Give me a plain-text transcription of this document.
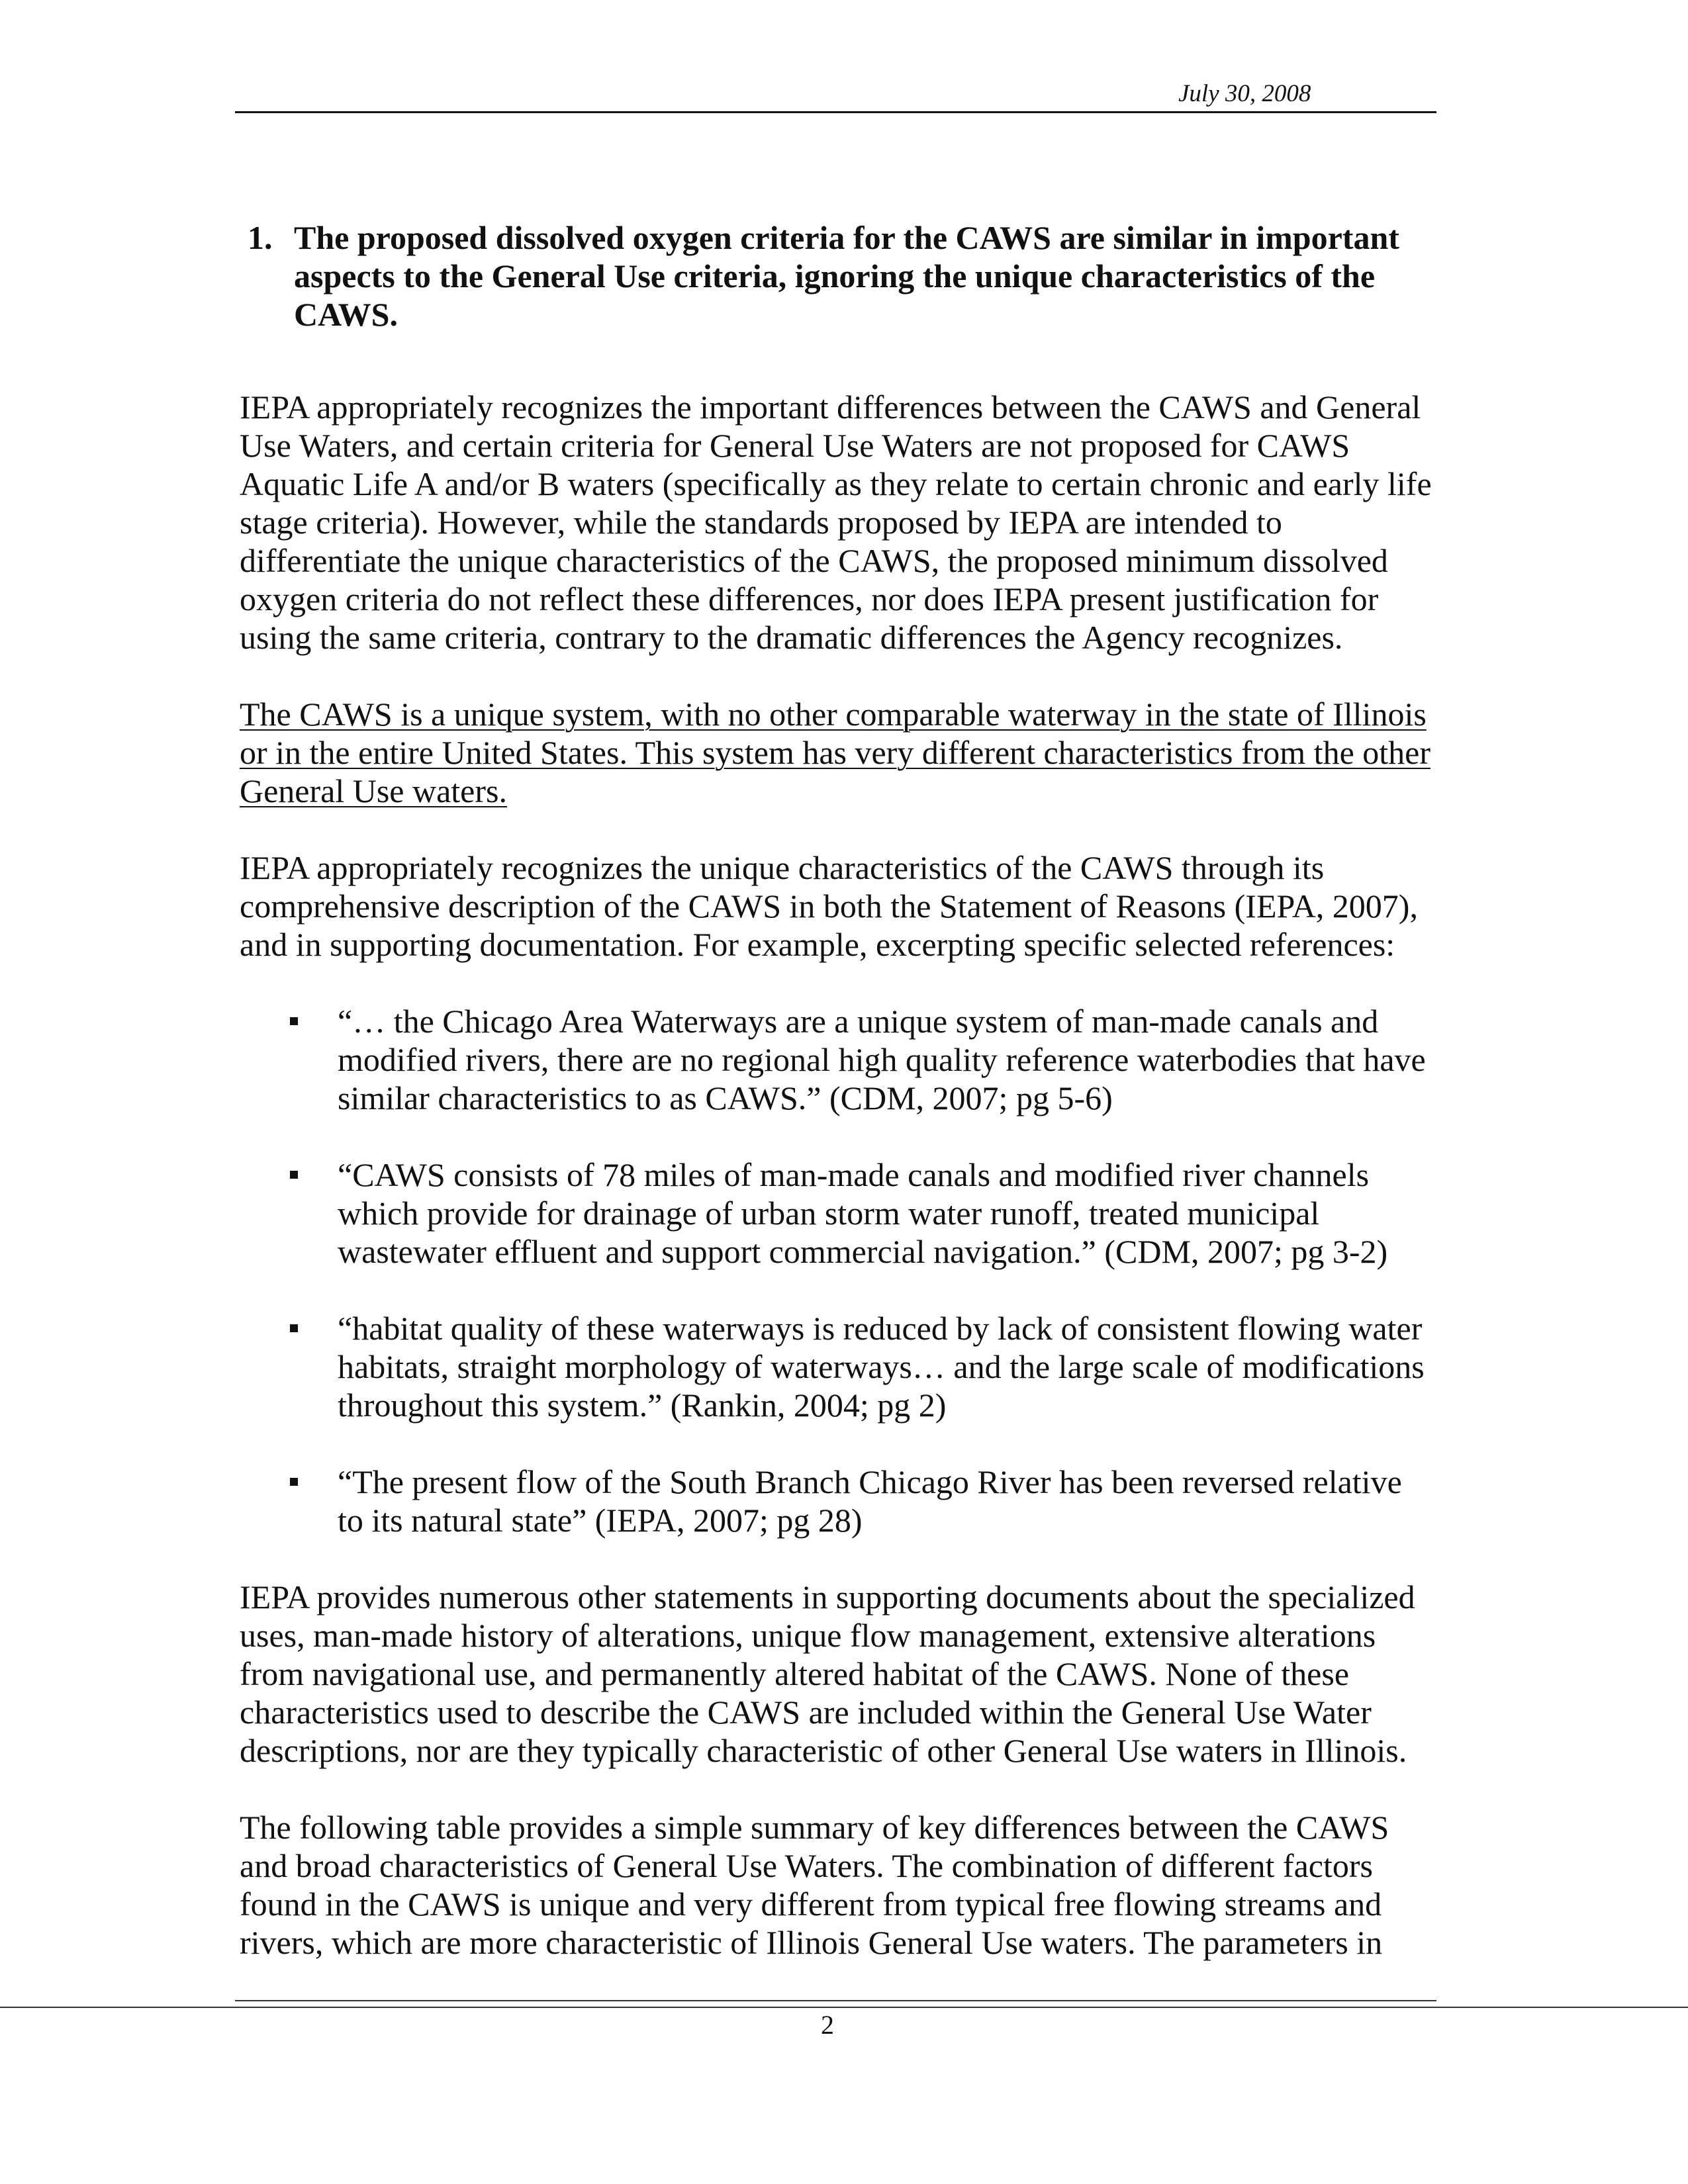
July 30, 2008
1. The proposed dissolved oxygen criteria for the CAWS are similar in important aspects to the General Use criteria, ignoring the unique characteristics of the CAWS.

IEPA appropriately recognizes the important differences between the CAWS and General Use Waters, and certain criteria for General Use Waters are not proposed for CAWS Aquatic Life A and/or B waters (specifically as they relate to certain chronic and early life stage criteria). However, while the standards proposed by IEPA are intended to differentiate the unique characteristics of the CAWS, the proposed minimum dissolved oxygen criteria do not reflect these differences, nor does IEPA present justification for using the same criteria, contrary to the dramatic differences the Agency recognizes.

The CAWS is a unique system, with no other comparable waterway in the state of Illinois or in the entire United States. This system has very different characteristics from the other General Use waters.

IEPA appropriately recognizes the unique characteristics of the CAWS through its comprehensive description of the CAWS in both the Statement of Reasons (IEPA, 2007), and in supporting documentation. For example, excerpting specific selected references:

“… the Chicago Area Waterways are a unique system of man-made canals and modified rivers, there are no regional high quality reference waterbodies that have similar characteristics to as CAWS.” (CDM, 2007; pg 5-6)
“CAWS consists of 78 miles of man-made canals and modified river channels which provide for drainage of urban storm water runoff, treated municipal wastewater effluent and support commercial navigation.” (CDM, 2007; pg 3-2)
“habitat quality of these waterways is reduced by lack of consistent flowing water habitats, straight morphology of waterways… and the large scale of modifications throughout this system.” (Rankin, 2004; pg 2)
“The present flow of the South Branch Chicago River has been reversed relative to its natural state” (IEPA, 2007; pg 28)

IEPA provides numerous other statements in supporting documents about the specialized uses, man-made history of alterations, unique flow management, extensive alterations from navigational use, and permanently altered habitat of the CAWS. None of these characteristics used to describe the CAWS are included within the General Use Water descriptions, nor are they typically characteristic of other General Use waters in Illinois.

The following table provides a simple summary of key differences between the CAWS and broad characteristics of General Use Waters. The combination of different factors found in the CAWS is unique and very different from typical free flowing streams and rivers, which are more characteristic of Illinois General Use waters. The parameters in

2
